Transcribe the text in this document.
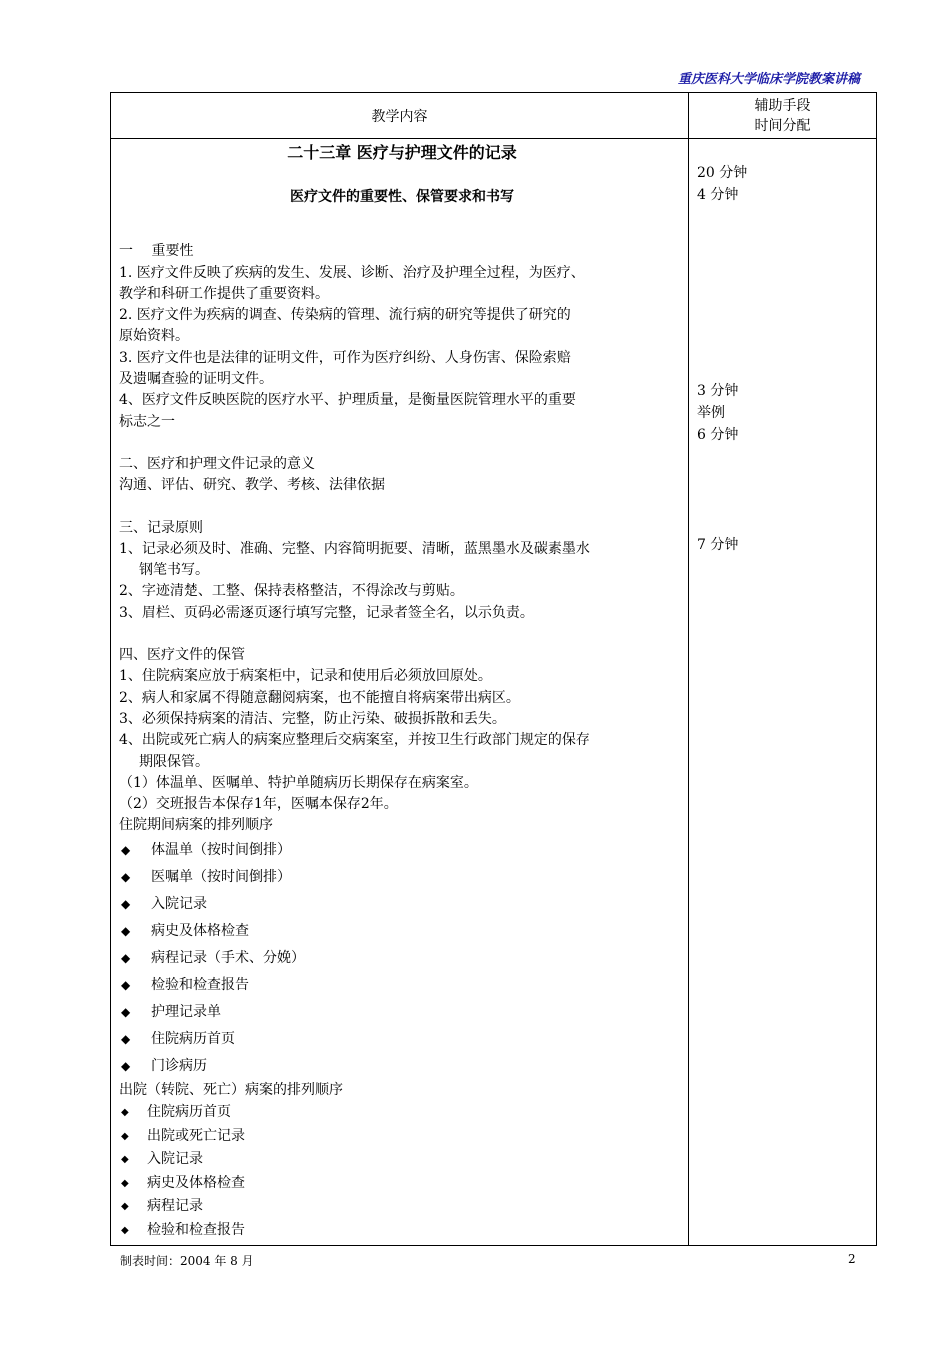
重庆医科大学临床学院教案讲稿
教学内容
辅助手段
时间分配
二十三章 医疗与护理文件的记录
医疗文件的重要性、保管要求和书写
一　 重要性
1. 医疗文件反映了疾病的发生、发展、诊断、治疗及护理全过程，为医疗、
教学和科研工作提供了重要资料。
2. 医疗文件为疾病的调查、传染病的管理、流行病的研究等提供了研究的
原始资料。
3. 医疗文件也是法律的证明文件，可作为医疗纠纷、人身伤害、保险索赔
及遗嘱查验的证明文件。
4、医疗文件反映医院的医疗水平、护理质量，是衡量医院管理水平的重要
标志之一
二、医疗和护理文件记录的意义
沟通、评估、研究、教学、考核、法律依据
三、记录原则
1、记录必须及时、准确、完整、内容简明扼要、清晰，蓝黑墨水及碳素墨水
钢笔书写。
2、字迹清楚、工整、保持表格整洁，不得涂改与剪贴。
3、眉栏、页码必需逐页逐行填写完整，记录者签全名，以示负责。
四、医疗文件的保管
1、住院病案应放于病案柜中，记录和使用后必须放回原处。
2、病人和家属不得随意翻阅病案，也不能擅自将病案带出病区。
3、必须保持病案的清洁、完整，防止污染、破损拆散和丢失。
4、出院或死亡病人的病案应整理后交病案室，并按卫生行政部门规定的保存
期限保管。
（1）体温单、医嘱单、特护单随病历长期保存在病案室。
（2）交班报告本保存1年，医嘱本保存2年。
住院期间病案的排列顺序
◆ 体温单（按时间倒排）
◆ 医嘱单（按时间倒排）
◆ 入院记录
◆ 病史及体格检查
◆ 病程记录（手术、分娩）
◆ 检验和检查报告
◆ 护理记录单
◆ 住院病历首页
◆ 门诊病历
出院（转院、死亡）病案的排列顺序
◆ 住院病历首页
◆ 出院或死亡记录
◆ 入院记录
◆ 病史及体格检查
◆ 病程记录
◆ 检验和检查报告
20 分钟
4 分钟
3 分钟
举例
6 分钟
7 分钟
制表时间：2004 年 8 月	2
